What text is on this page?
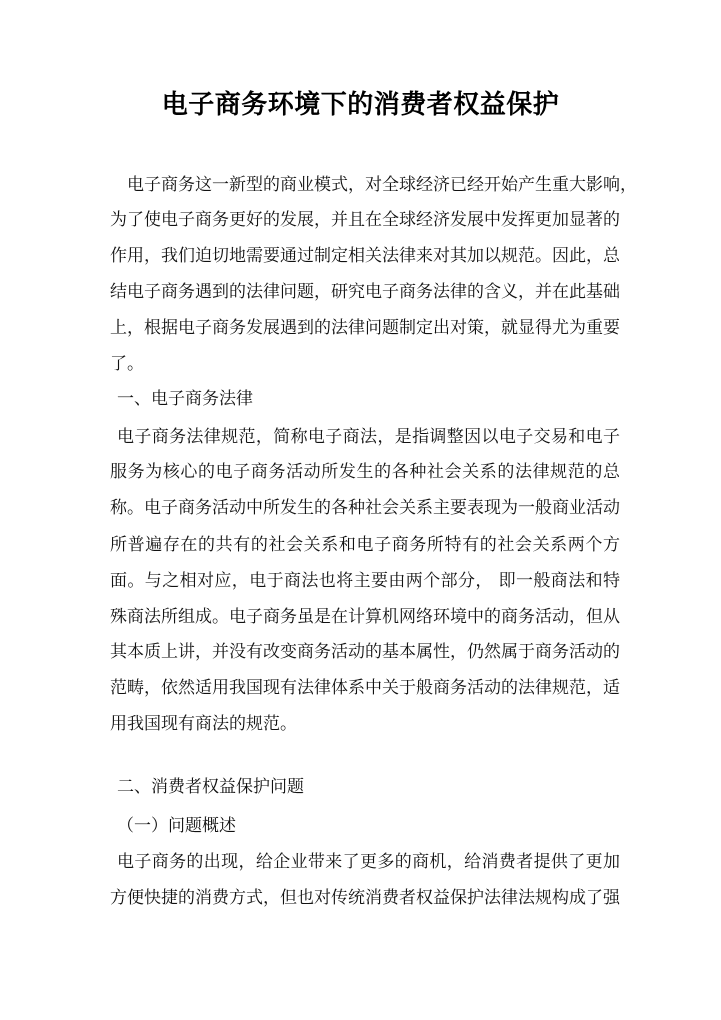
电子商务环境下的消费者权益保护
电子商务这一新型的商业模式，对全球经济已经开始产生重大影响，
为了使电子商务更好的发展，并且在全球经济发展中发挥更加显著的
作用，我们迫切地需要通过制定相关法律来对其加以规范。因此，总
结电子商务遇到的法律问题，研究电子商务法律的含义，并在此基础
上，根据电子商务发展遇到的法律问题制定出对策，就显得尤为重要
了。
一、电子商务法律
电子商务法律规范，简称电子商法，是指调整因以电子交易和电子
服务为核心的电子商务活动所发生的各种社会关系的法律规范的总
称。电子商务活动中所发生的各种社会关系主要表现为一般商业活动
所普遍存在的共有的社会关系和电子商务所特有的社会关系两个方
面。与之相对应，电于商法也将主要由两个部分， 即一般商法和特
殊商法所组成。电子商务虽是在计算机网络环境中的商务活动，但从
其本质上讲，并没有改变商务活动的基本属性，仍然属于商务活动的
范畴，依然适用我国现有法律体系中关于般商务活动的法律规范，适
用我国现有商法的规范。
二、消费者权益保护问题
（一）问题概述
电子商务的出现，给企业带来了更多的商机，给消费者提供了更加
方便快捷的消费方式，但也对传统消费者权益保护法律法规构成了强
